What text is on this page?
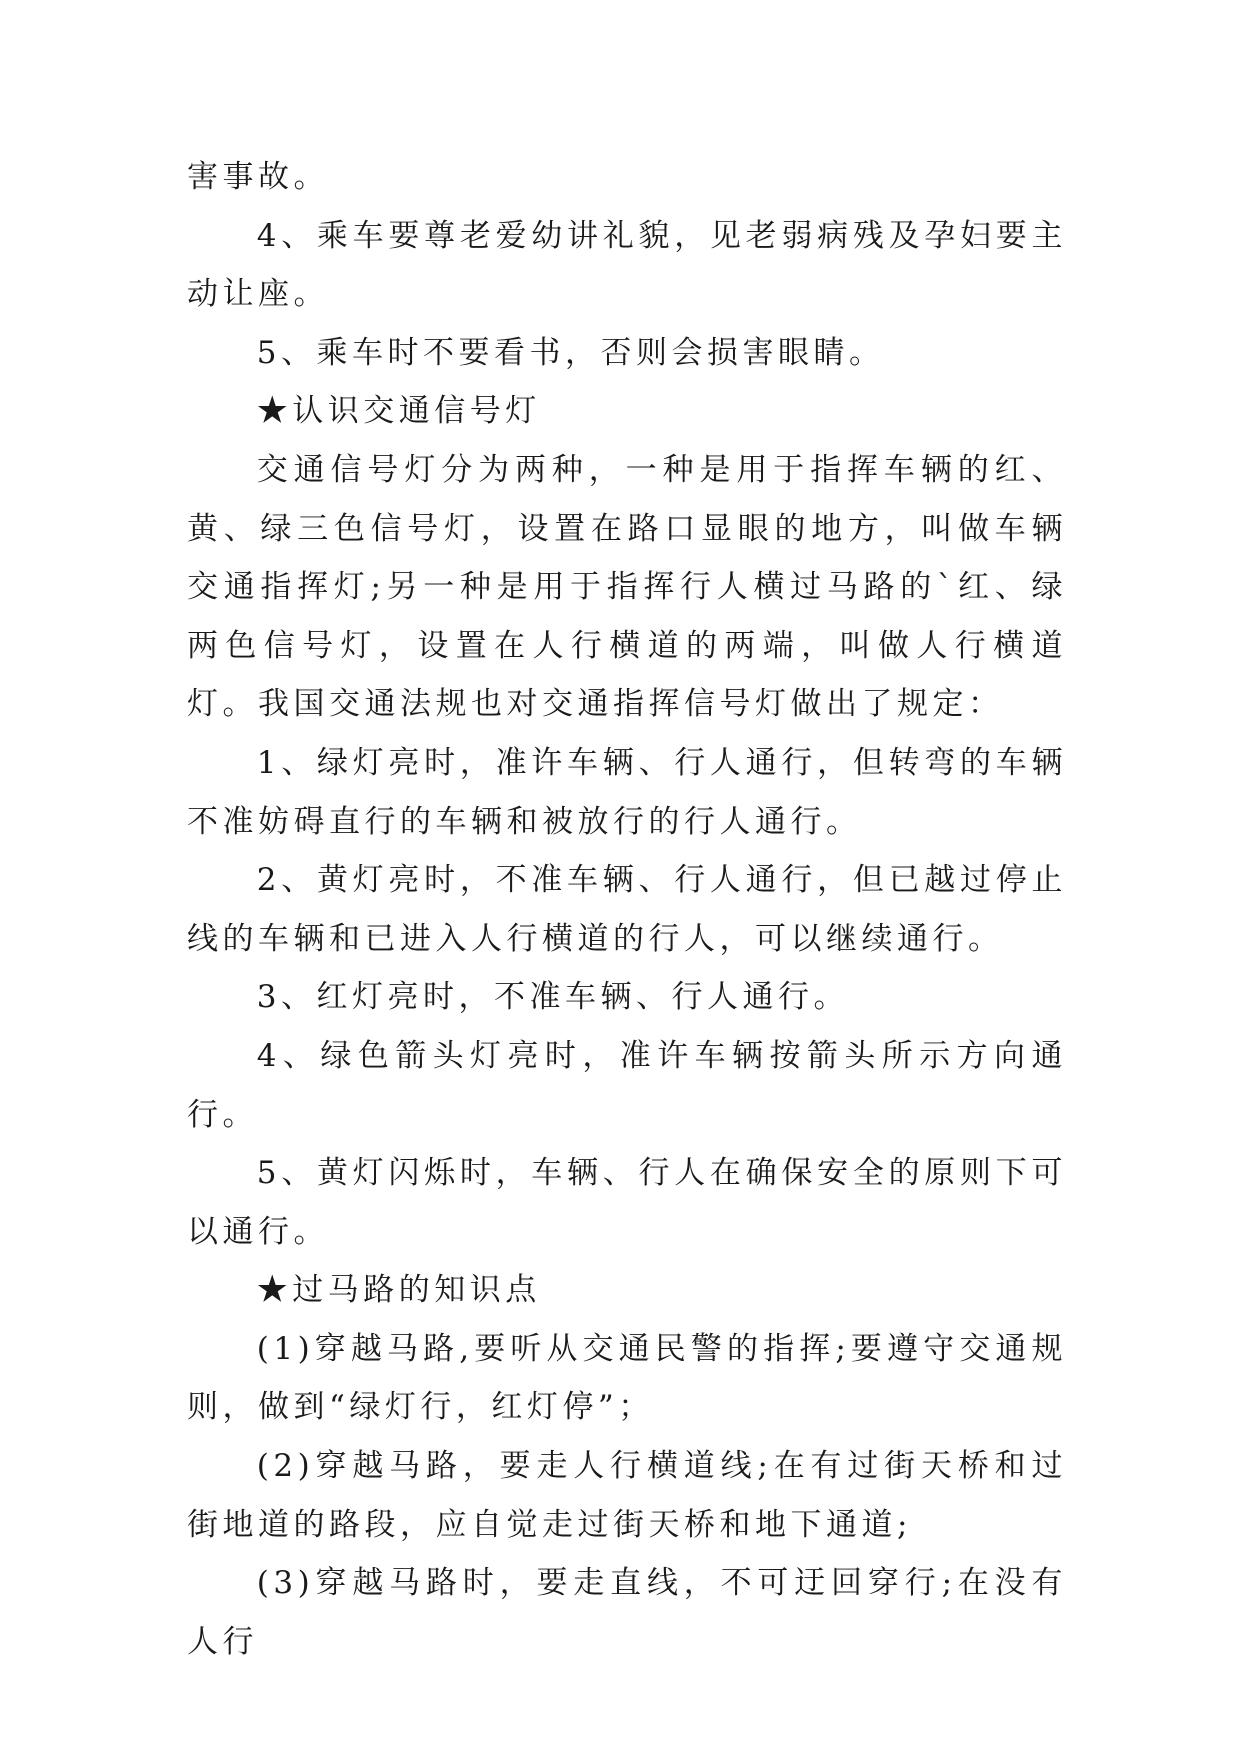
害事故。

4、乘车要尊老爱幼讲礼貌，见老弱病残及孕妇要主动让座。

5、乘车时不要看书，否则会损害眼睛。

★认识交通信号灯

交通信号灯分为两种，一种是用于指挥车辆的红、黄、绿三色信号灯，设置在路口显眼的地方，叫做车辆交通指挥灯;另一种是用于指挥行人横过马路的`红、绿两色信号灯，设置在人行横道的两端，叫做人行横道灯。我国交通法规也对交通指挥信号灯做出了规定：

1、绿灯亮时，准许车辆、行人通行，但转弯的车辆不准妨碍直行的车辆和被放行的行人通行。

2、黄灯亮时，不准车辆、行人通行，但已越过停止线的车辆和已进入人行横道的行人，可以继续通行。

3、红灯亮时，不准车辆、行人通行。

4、绿色箭头灯亮时，准许车辆按箭头所示方向通行。

5、黄灯闪烁时，车辆、行人在确保安全的原则下可以通行。

★过马路的知识点

(1)穿越马路,要听从交通民警的指挥;要遵守交通规则，做到“绿灯行，红灯停”；

(2)穿越马路，要走人行横道线;在有过街天桥和过街地道的路段，应自觉走过街天桥和地下通道;

(3)穿越马路时，要走直线，不可迂回穿行;在没有人行
